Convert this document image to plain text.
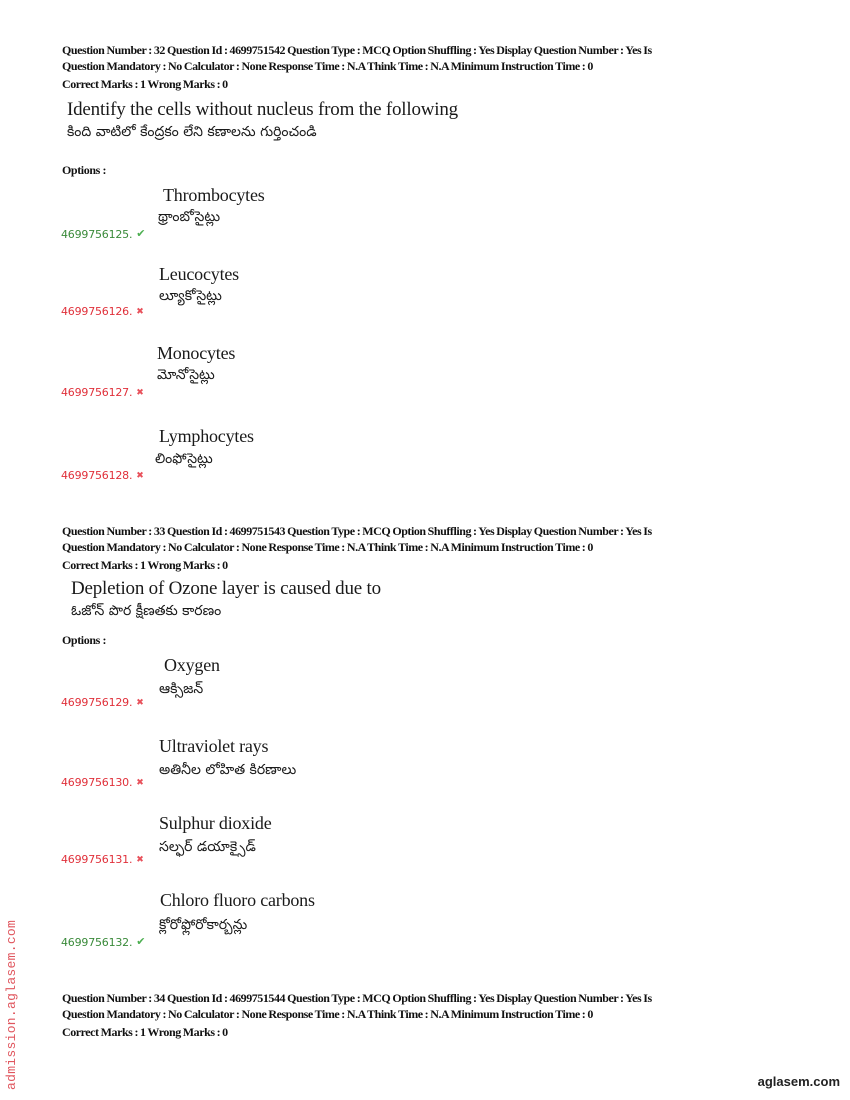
Question Number : 32 Question Id : 4699751542 Question Type : MCQ Option Shuffling : Yes Display Question Number : Yes Is
Question Mandatory : No Calculator : None Response Time : N.A Think Time : N.A Minimum Instruction Time : 0
Correct Marks : 1 Wrong Marks : 0
Identify the cells without nucleus from the following
కింది వాటిలో కేంద్రకం లేని కణాలను గుర్తించండి
Options :
Thrombocytes
థ్రాంబోసైట్లు
4699756125. ✔
Leucocytes
ల్యూకోసైట్లు
4699756126. ✖
Monocytes
మోనోసైట్లు
4699756127. ✖
Lymphocytes
లింఫోసైట్లు
4699756128. ✖
Question Number : 33 Question Id : 4699751543 Question Type : MCQ Option Shuffling : Yes Display Question Number : Yes Is
Question Mandatory : No Calculator : None Response Time : N.A Think Time : N.A Minimum Instruction Time : 0
Correct Marks : 1 Wrong Marks : 0
Depletion of Ozone layer is caused due to
ఓజోన్ పొర క్షీణతకు కారణం
Options :
Oxygen
ఆక్సిజన్
4699756129. ✖
Ultraviolet rays
అతినీల లోహిత కిరణాలు
4699756130. ✖
Sulphur dioxide
సల్ఫర్ డయాక్సైడ్
4699756131. ✖
Chloro fluoro carbons
క్లోరోఫ్లోరోకార్బన్లు
4699756132. ✔
Question Number : 34 Question Id : 4699751544 Question Type : MCQ Option Shuffling : Yes Display Question Number : Yes Is
Question Mandatory : No Calculator : None Response Time : N.A Think Time : N.A Minimum Instruction Time : 0
Correct Marks : 1 Wrong Marks : 0
admission.aglasem.com	aglasem.com
